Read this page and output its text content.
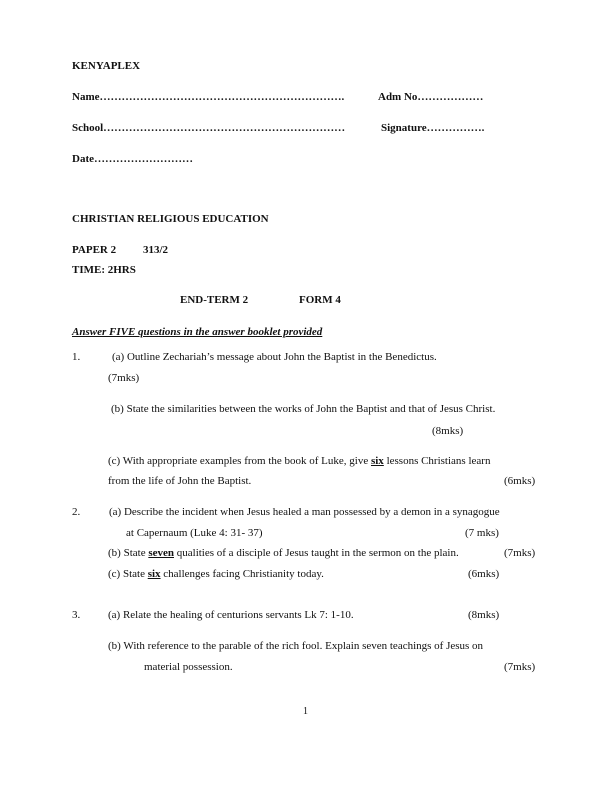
KENYAPLEX
Name………………………………………………………….	Adm No………………
School…………………………………………………………	Signature…………….
Date………………………
CHRISTIAN RELIGIOUS EDUCATION
PAPER 2 313/2
TIME: 2HRS
END-TERM 2	FORM 4
Answer FIVE questions in the answer booklet provided
1.	(a) Outline Zechariah’s message about John the Baptist in the Benedictus.
(7mks)
(b) State the similarities between the works of John the Baptist and that of Jesus Christ.
(8mks)
(c) With appropriate examples from the book of Luke, give six lessons Christians learn
from the life of John the Baptist.	(6mks)
2.	(a) Describe the incident when Jesus healed a man possessed by a demon in a synagogue
at Capernaum (Luke 4: 31- 37)	(7 mks)
(b) State seven qualities of a disciple of Jesus taught in the sermon on the plain.	(7mks)
(c) State six challenges facing Christianity today.	(6mks)
3.	(a) Relate the healing of centurions servants Lk 7: 1-10.	(8mks)
(b) With reference to the parable of the rich fool. Explain seven teachings of Jesus on
material possession.	(7mks)
1
